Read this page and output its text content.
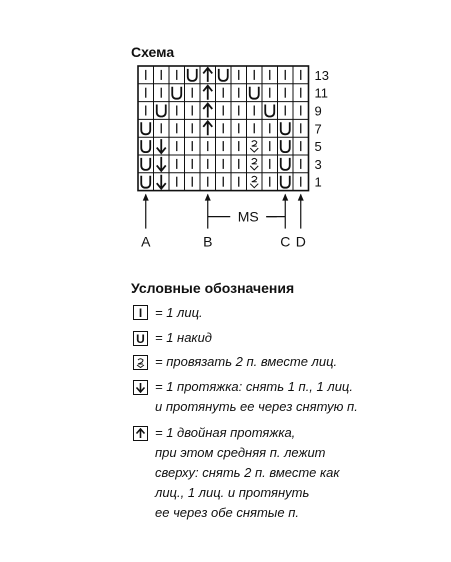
Схема
13
11
9
7
5
3
1
MS
A	B	C D
Условные обозначения
I = 1 лиц.
U = 1 накид
= провязать 2 п. вместе лиц.
= 1 протяжка: снять 1 п., 1 лиц.
и протянуть ее через снятую п.
= 1 двойная протяжка,
при этом средняя п. лежит
сверху: снять 2 п. вместе как
лиц., 1 лиц. и протянуть
ее через обе снятые п.
